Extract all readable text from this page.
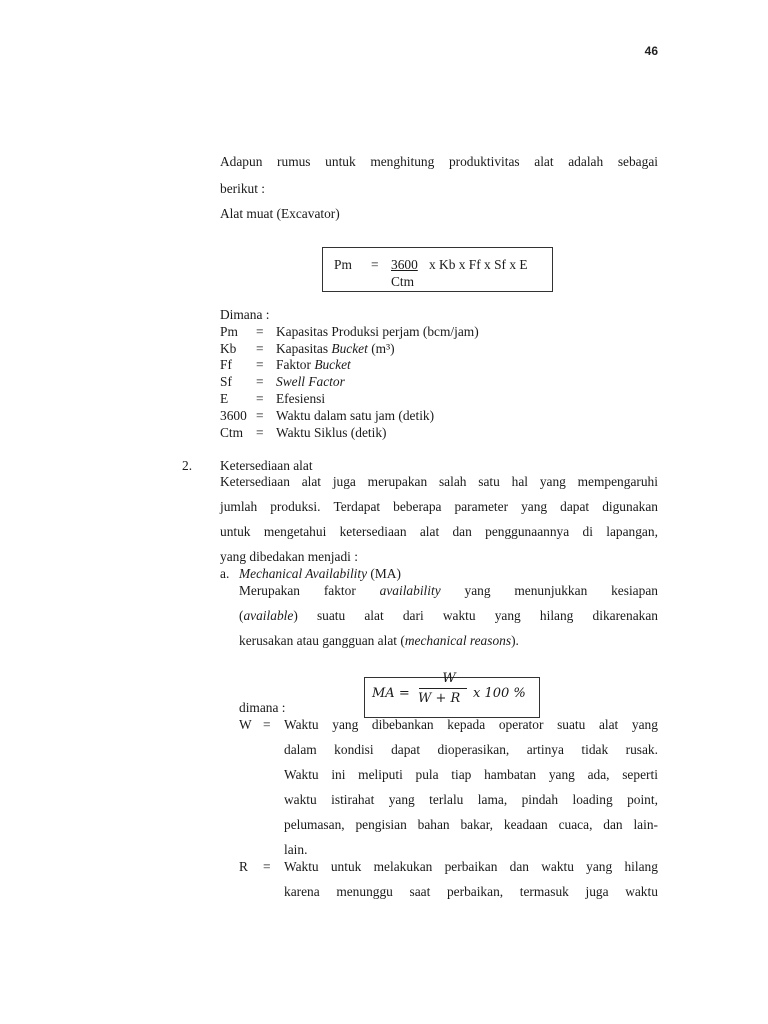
46
Adapun rumus untuk menghitung produktivitas alat adalah sebagai
berikut :
Alat muat (Excavator)
Pm = 3600 x Kb x Ff x Sf x E
Ctm
Dimana :
Pm = Kapasitas Produksi perjam (bcm/jam)
Kb = Kapasitas Bucket (m³)
Ff = Faktor Bucket
Sf = Swell Factor
E = Efesiensi
3600 = Waktu dalam satu jam (detik)
Ctm = Waktu Siklus (detik)
2. Ketersediaan alat
Ketersediaan alat juga merupakan salah satu hal yang mempengaruhi
jumlah produksi. Terdapat beberapa parameter yang dapat digunakan
untuk mengetahui ketersediaan alat dan penggunaannya di lapangan,
yang dibedakan menjadi :
a. Mechanical Availability (MA)
Merupakan faktor availability yang menunjukkan kesiapan
(available) suatu alat dari waktu yang hilang dikarenakan
kerusakan atau gangguan alat (mechanical reasons).
MA =
W
W + R x 100 %
dimana :
W = Waktu yang dibebankan kepada operator suatu alat yang
dalam kondisi dapat dioperasikan, artinya tidak rusak.
Waktu ini meliputi pula tiap hambatan yang ada, seperti
waktu istirahat yang terlalu lama, pindah loading point,
pelumasan, pengisian bahan bakar, keadaan cuaca, dan lain-
lain.
R = Waktu untuk melakukan perbaikan dan waktu yang hilang
karena menunggu saat perbaikan, termasuk juga waktu
